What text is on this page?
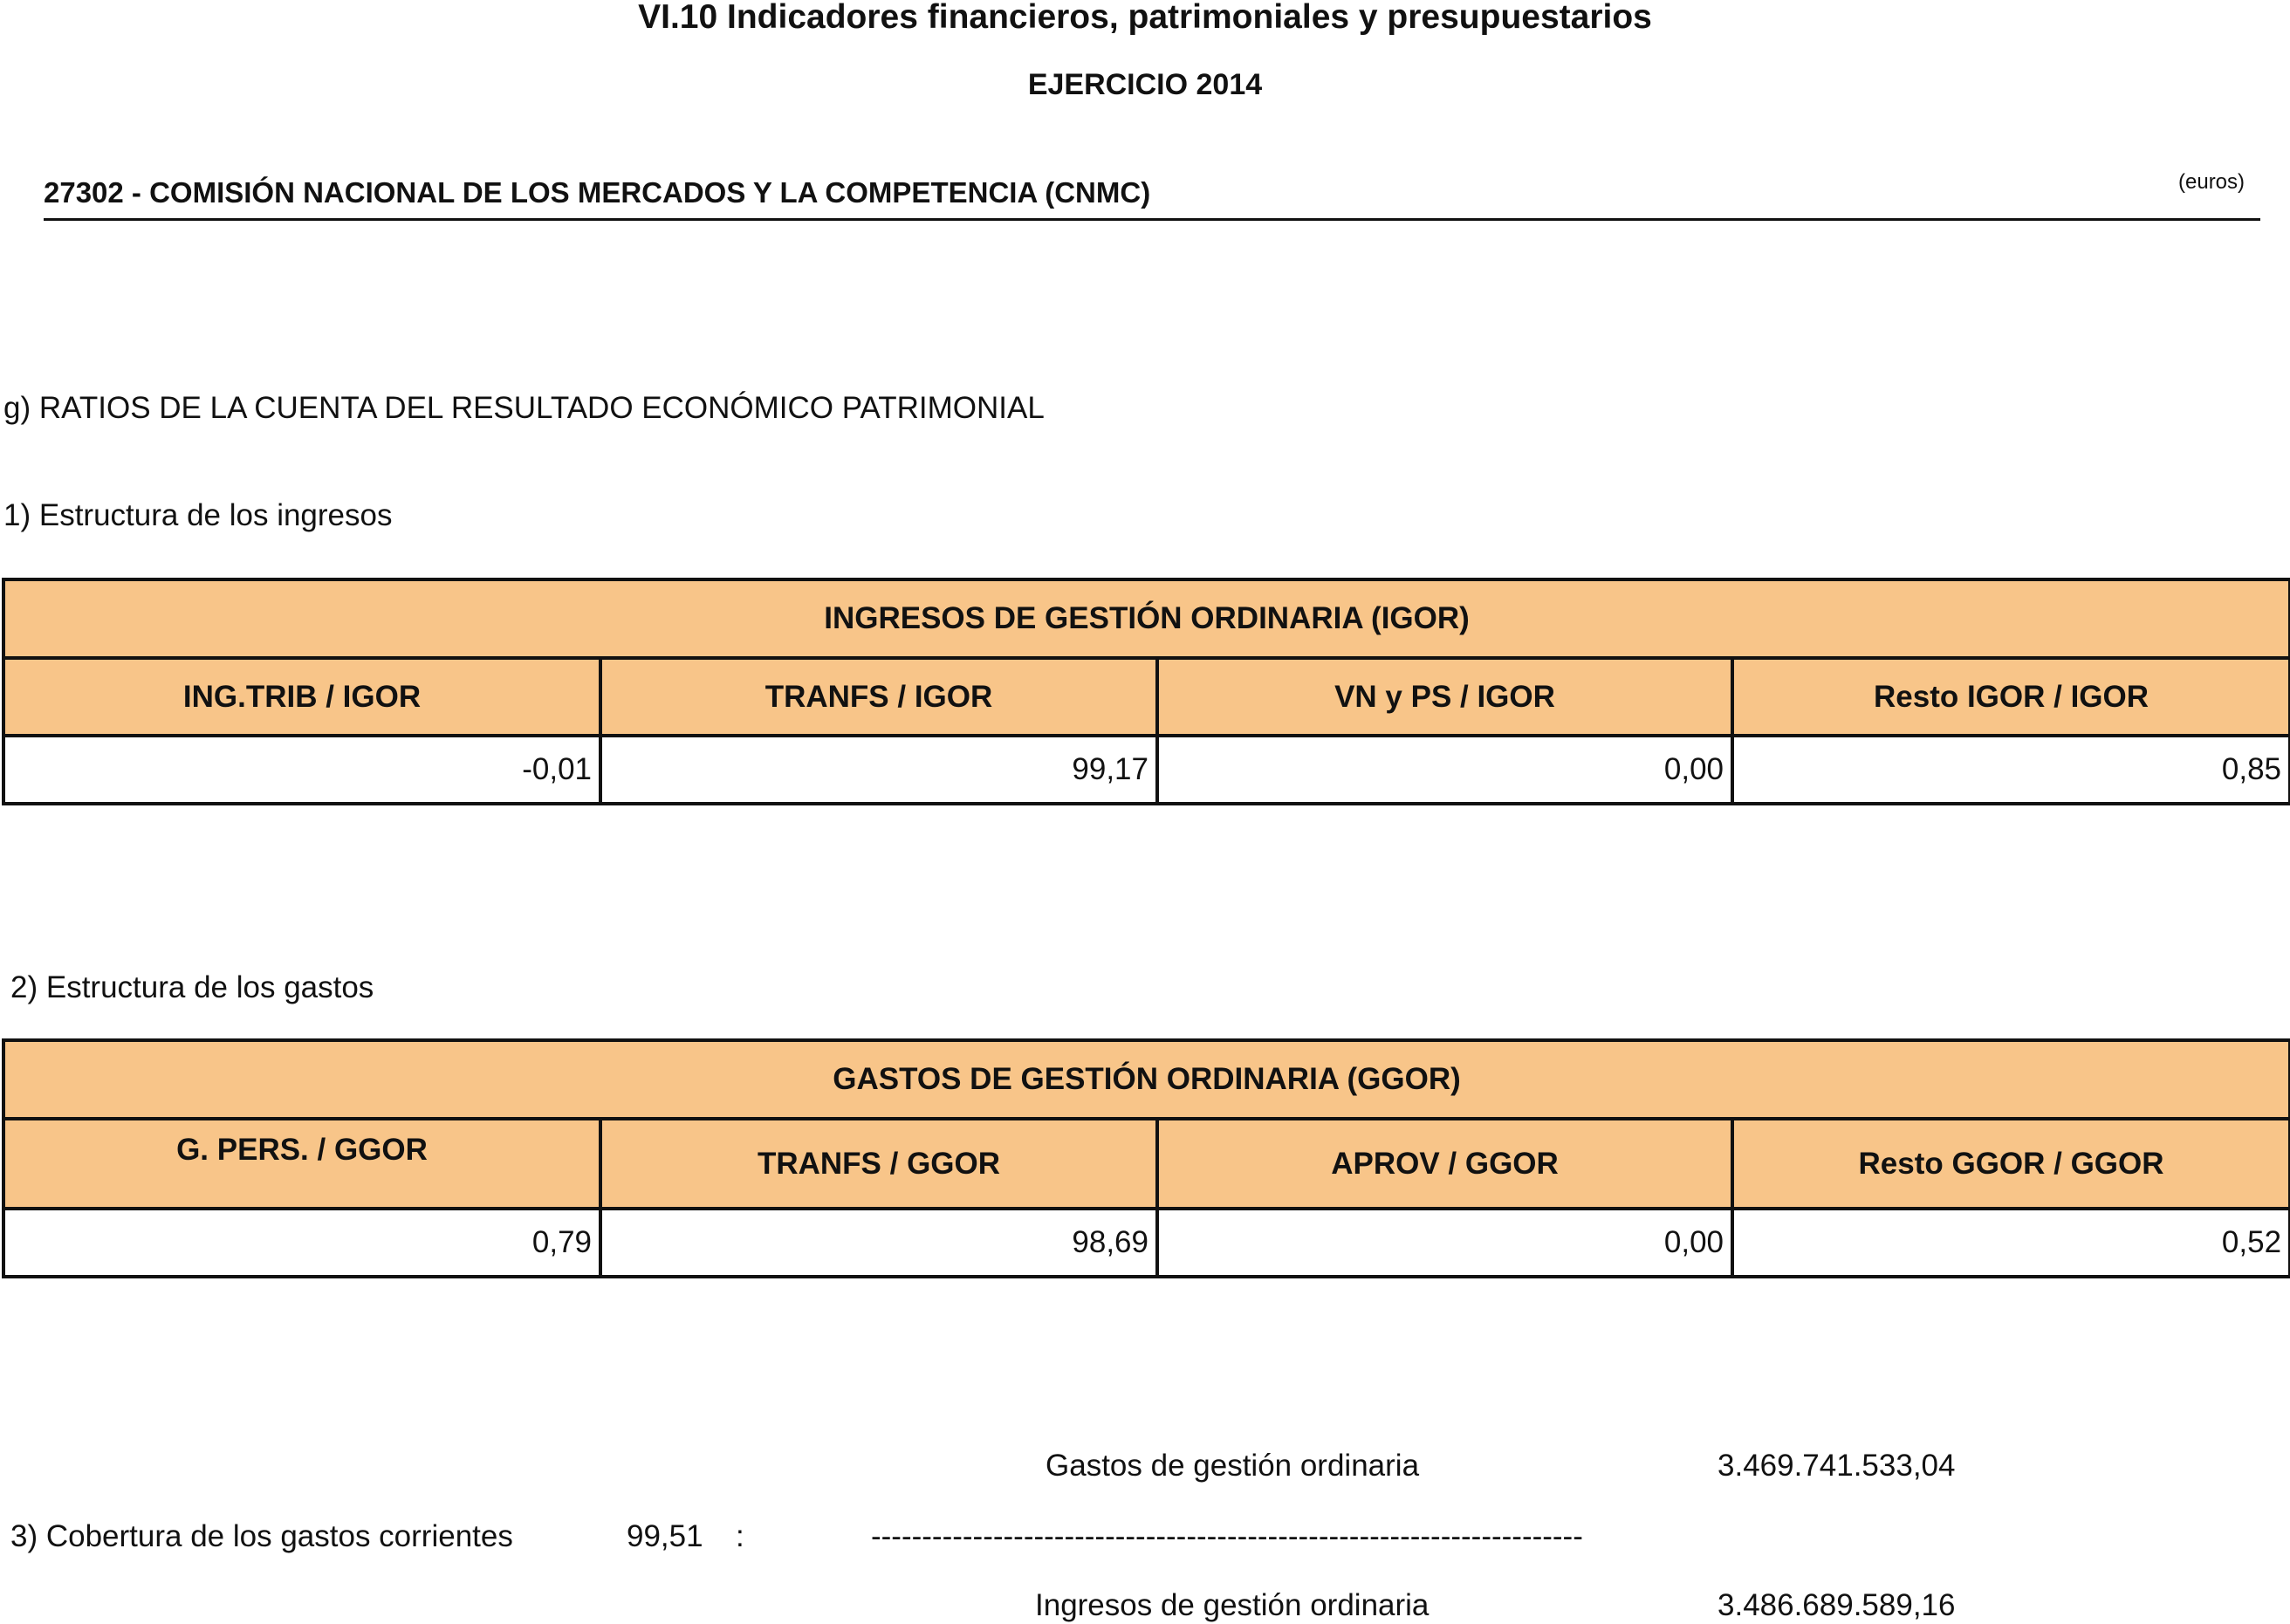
VI.10 Indicadores financieros, patrimoniales y presupuestarios
EJERCICIO 2014
27302 - COMISIÓN NACIONAL DE LOS MERCADOS Y LA COMPETENCIA (CNMC)	(euros)
g) RATIOS DE LA CUENTA DEL RESULTADO ECONÓMICO PATRIMONIAL
1) Estructura de los ingresos
INGRESOS DE GESTIÓN ORDINARIA (IGOR)			
ING.TRIB / IGOR	TRANFS / IGOR	VN y PS / IGOR	Resto IGOR / IGOR
-0,01	99,17	0,00	0,85
2) Estructura de los gastos
GASTOS DE GESTIÓN ORDINARIA (GGOR)			
G. PERS. / GGOR	TRANFS / GGOR	APROV / GGOR	Resto GGOR / GGOR
0,79	98,69	0,00	0,52
Gastos de gestión ordinaria	3.469.741.533,04
3) Cobertura de los gastos corrientes	99,51 :	----------------------------------------------------------------------
Ingresos de gestión ordinaria	3.486.689.589,16
